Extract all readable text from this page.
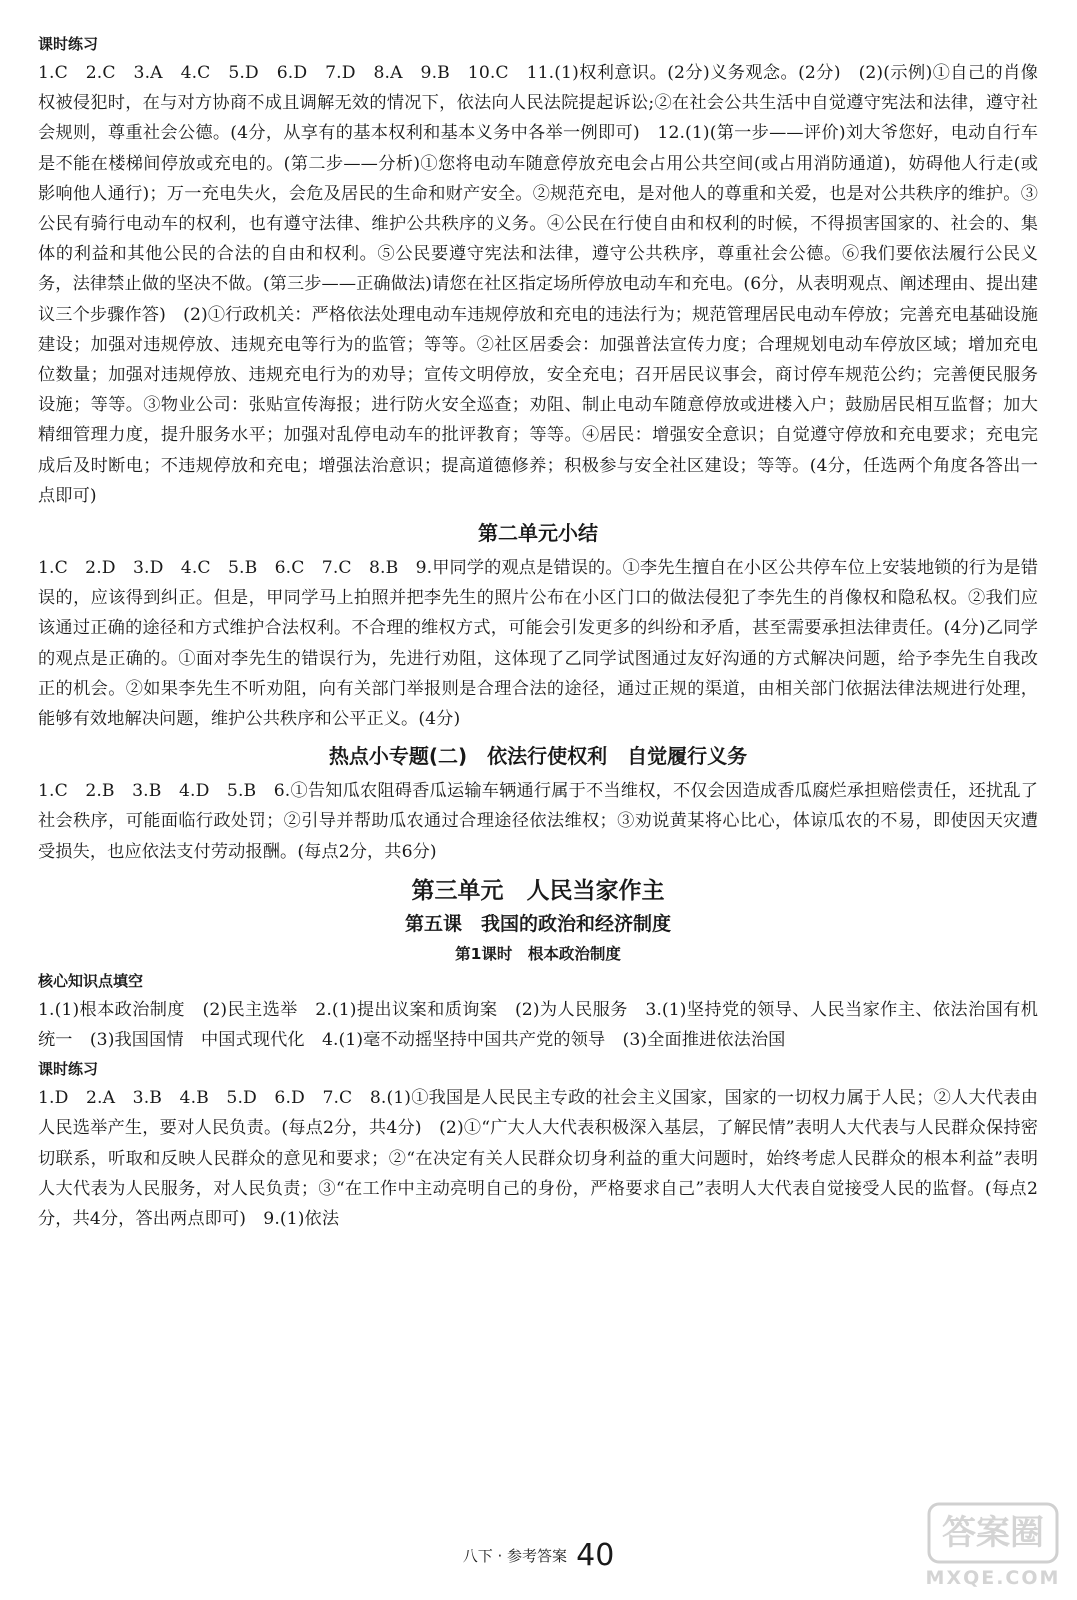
课时练习

1.C　2.C　3.A　4.C　5.D　6.D　7.D　8.A　9.B　10.C　11.(1)权利意识。(2分)义务观念。(2分)　(2)(示例)①自己的肖像权被侵犯时，在与对方协商不成且调解无效的情况下，依法向人民法院提起诉讼;②在社会公共生活中自觉遵守宪法和法律，遵守社会规则，尊重社会公德。(4分，从享有的基本权利和基本义务中各举一例即可)　12.(1)(第一步——评价)刘大爷您好，电动自行车是不能在楼梯间停放或充电的。(第二步——分析)①您将电动车随意停放充电会占用公共空间(或占用消防通道)，妨碍他人行走(或影响他人通行)；万一充电失火，会危及居民的生命和财产安全。②规范充电，是对他人的尊重和关爱，也是对公共秩序的维护。③公民有骑行电动车的权利，也有遵守法律、维护公共秩序的义务。④公民在行使自由和权利的时候，不得损害国家的、社会的、集体的利益和其他公民的合法的自由和权利。⑤公民要遵守宪法和法律，遵守公共秩序，尊重社会公德。⑥我们要依法履行公民义务，法律禁止做的坚决不做。(第三步——正确做法)请您在社区指定场所停放电动车和充电。(6分，从表明观点、阐述理由、提出建议三个步骤作答)　(2)①行政机关：严格依法处理电动车违规停放和充电的违法行为；规范管理居民电动车停放；完善充电基础设施建设；加强对违规停放、违规充电等行为的监管；等等。②社区居委会：加强普法宣传力度；合理规划电动车停放区域；增加充电位数量；加强对违规停放、违规充电行为的劝导；宣传文明停放，安全充电；召开居民议事会，商讨停车规范公约；完善便民服务设施；等等。③物业公司：张贴宣传海报；进行防火安全巡查；劝阻、制止电动车随意停放或进楼入户；鼓励居民相互监督；加大精细管理力度，提升服务水平；加强对乱停电动车的批评教育；等等。④居民：增强安全意识；自觉遵守停放和充电要求；充电完成后及时断电；不违规停放和充电；增强法治意识；提高道德修养；积极参与安全社区建设；等等。(4分，任选两个角度各答出一点即可)

第二单元小结

1.C　2.D　3.D　4.C　5.B　6.C　7.C　8.B　9.甲同学的观点是错误的。①李先生擅自在小区公共停车位上安装地锁的行为是错误的，应该得到纠正。但是，甲同学马上拍照并把李先生的照片公布在小区门口的做法侵犯了李先生的肖像权和隐私权。②我们应该通过正确的途径和方式维护合法权利。不合理的维权方式，可能会引发更多的纠纷和矛盾，甚至需要承担法律责任。(4分)乙同学的观点是正确的。①面对李先生的错误行为，先进行劝阻，这体现了乙同学试图通过友好沟通的方式解决问题，给予李先生自我改正的机会。②如果李先生不听劝阻，向有关部门举报则是合理合法的途径，通过正规的渠道，由相关部门依据法律法规进行处理，能够有效地解决问题，维护公共秩序和公平正义。(4分)

热点小专题(二)　依法行使权利　自觉履行义务

1.C　2.B　3.B　4.D　5.B　6.①告知瓜农阻碍香瓜运输车辆通行属于不当维权，不仅会因造成香瓜腐烂承担赔偿责任，还扰乱了社会秩序，可能面临行政处罚；②引导并帮助瓜农通过合理途径依法维权；③劝说黄某将心比心，体谅瓜农的不易，即使因天灾遭受损失，也应依法支付劳动报酬。(每点2分，共6分)

第三单元　人民当家作主
第五课　我国的政治和经济制度
第1课时　根本政治制度
核心知识点填空

1.(1)根本政治制度　(2)民主选举　2.(1)提出议案和质询案　(2)为人民服务　3.(1)坚持党的领导、人民当家作主、依法治国有机统一　(3)我国国情　中国式现代化　4.(1)毫不动摇坚持中国共产党的领导　(3)全面推进依法治国

课时练习

1.D　2.A　3.B　4.B　5.D　6.D　7.C　8.(1)①我国是人民民主专政的社会主义国家，国家的一切权力属于人民；②人大代表由人民选举产生，要对人民负责。(每点2分，共4分)　(2)①“广大人大代表积极深入基层，了解民情”表明人大代表与人民群众保持密切联系，听取和反映人民群众的意见和要求；②“在决定有关人民群众切身利益的重大问题时，始终考虑人民群众的根本利益”表明人大代表为人民服务，对人民负责；③“在工作中主动亮明自己的身份，严格要求自己”表明人大代表自觉接受人民的监督。(每点2分，共4分，答出两点即可)　9.(1)依法

八下 · 参考答案 40
答案圈
MXQE.COM
